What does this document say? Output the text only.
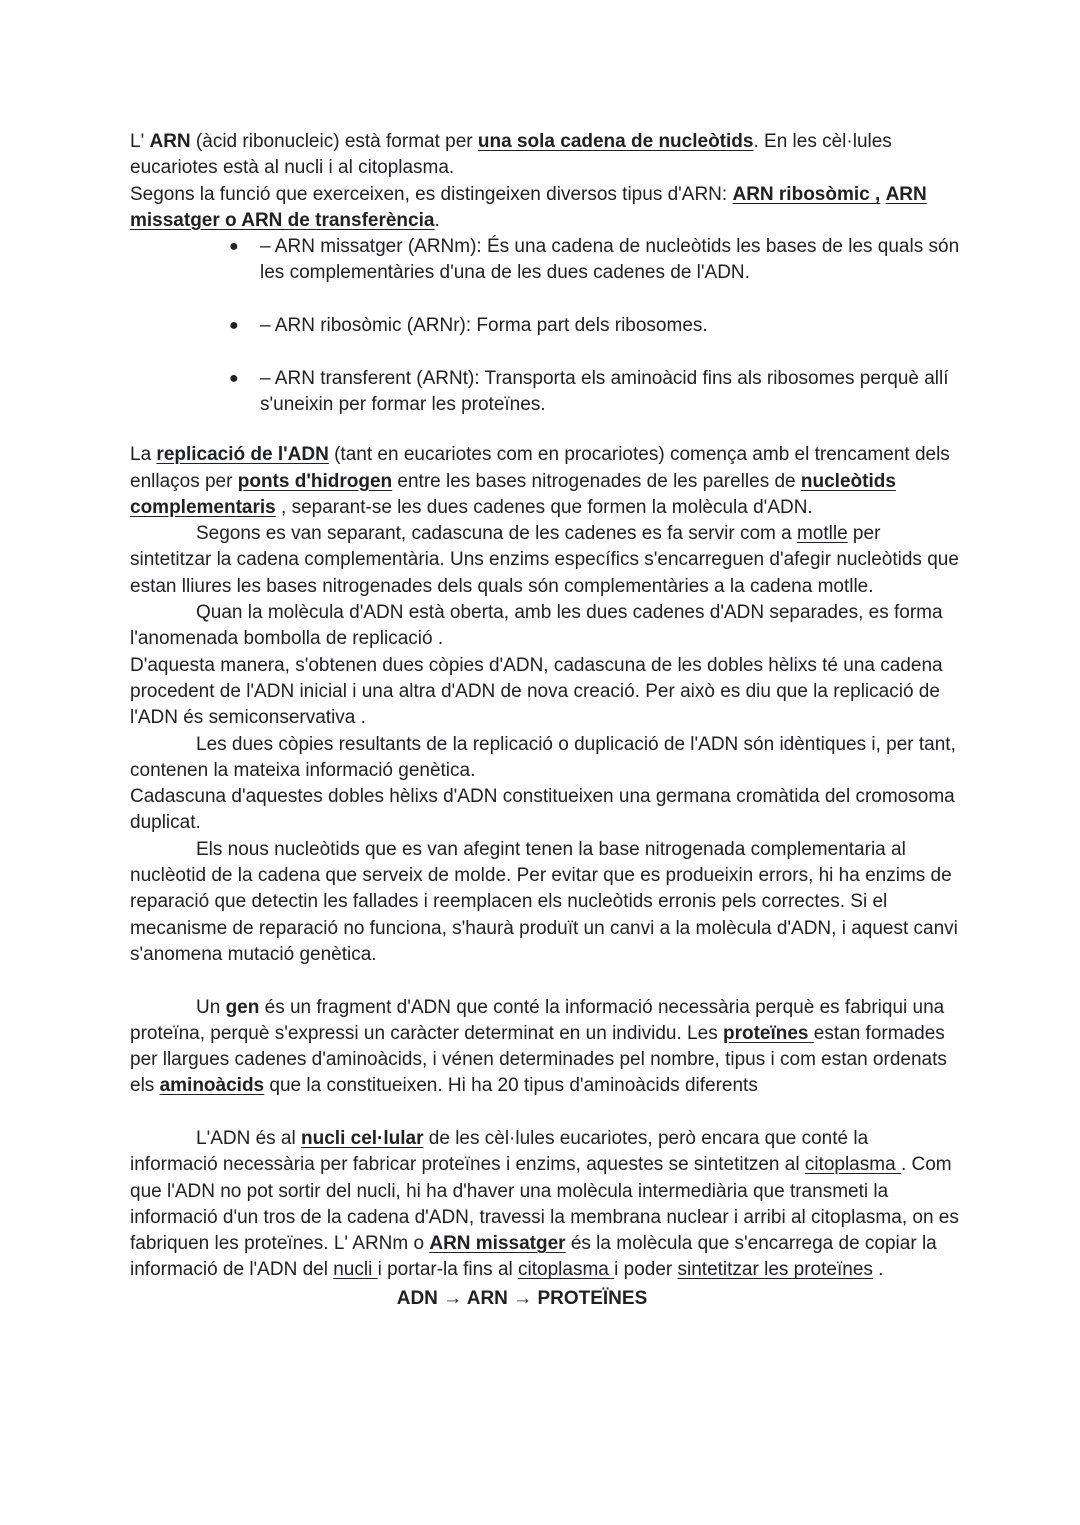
L' ARN (àcid ribonucleic) està format per una sola cadena de nucleòtids. En les cèl·lules eucariotes està al nucli i al citoplasma.

Segons la funció que exerceixen, es distingeixen diversos tipus d'ARN: ARN ribosòmic , ARN missatger o ARN de transferència.

● – ARN missatger (ARNm): És una cadena de nucleòtids les bases de les quals són les complementàries d'una de les dues cadenes de l'ADN.
● – ARN ribosòmic (ARNr): Forma part dels ribosomes.
● – ARN transferent (ARNt): Transporta els aminoàcid fins als ribosomes perquè allí s'uneixin per formar les proteïnes.

La replicació de l'ADN (tant en eucariotes com en procariotes) comença amb el trencament dels enllaços per ponts d'hidrogen entre les bases nitrogenades de les parelles de nucleòtids complementaris , separant-se les dues cadenes que formen la molècula d'ADN.

Segons es van separant, cadascuna de les cadenes es fa servir com a motlle per sintetitzar la cadena complementària. Uns enzims específics s'encarreguen d'afegir nucleòtids que estan lliures les bases nitrogenades dels quals són complementàries a la cadena motlle.

Quan la molècula d'ADN està oberta, amb les dues cadenes d'ADN separades, es forma l'anomenada bombolla de replicació .

D'aquesta manera, s'obtenen dues còpies d'ADN, cadascuna de les dobles hèlixs té una cadena procedent de l'ADN inicial i una altra d'ADN de nova creació. Per això es diu que la replicació de l'ADN és semiconservativa .

Les dues còpies resultants de la replicació o duplicació de l'ADN són idèntiques i, per tant, contenen la mateixa informació genètica.

Cadascuna d'aquestes dobles hèlixs d'ADN constitueixen una germana cromàtida del cromosoma duplicat.

Els nous nucleòtids que es van afegint tenen la base nitrogenada complementaria al nuclèotid de la cadena que serveix de molde. Per evitar que es produeixin errors, hi ha enzims de reparació que detectin les fallades i reemplacen els nucleòtids erronis pels correctes. Si el mecanisme de reparació no funciona, s'haurà produït un canvi a la molècula d'ADN, i aquest canvi s'anomena mutació genètica.

Un gen és un fragment d'ADN que conté la informació necessària perquè es fabriqui una proteïna, perquè s'expressi un caràcter determinat en un individu. Les proteïnes estan formades per llargues cadenes d'aminoàcids, i vénen determinades pel nombre, tipus i com estan ordenats els aminoàcids que la constitueixen. Hi ha 20 tipus d'aminoàcids diferents

L'ADN és al nucli cel·lular de les cèl·lules eucariotes, però encara que conté la informació necessària per fabricar proteïnes i enzims, aquestes se sintetitzen al citoplasma . Com que l'ADN no pot sortir del nucli, hi ha d'haver una molècula intermediària que transmeti la informació d'un tros de la cadena d'ADN, travessi la membrana nuclear i arribi al citoplasma, on es fabriquen les proteïnes. L' ARNm o ARN missatger és la molècula que s'encarrega de copiar la informació de l'ADN del nucli i portar-la fins al citoplasma i poder sintetitzar les proteïnes .

ADN → ARN → PROTEÏNES
